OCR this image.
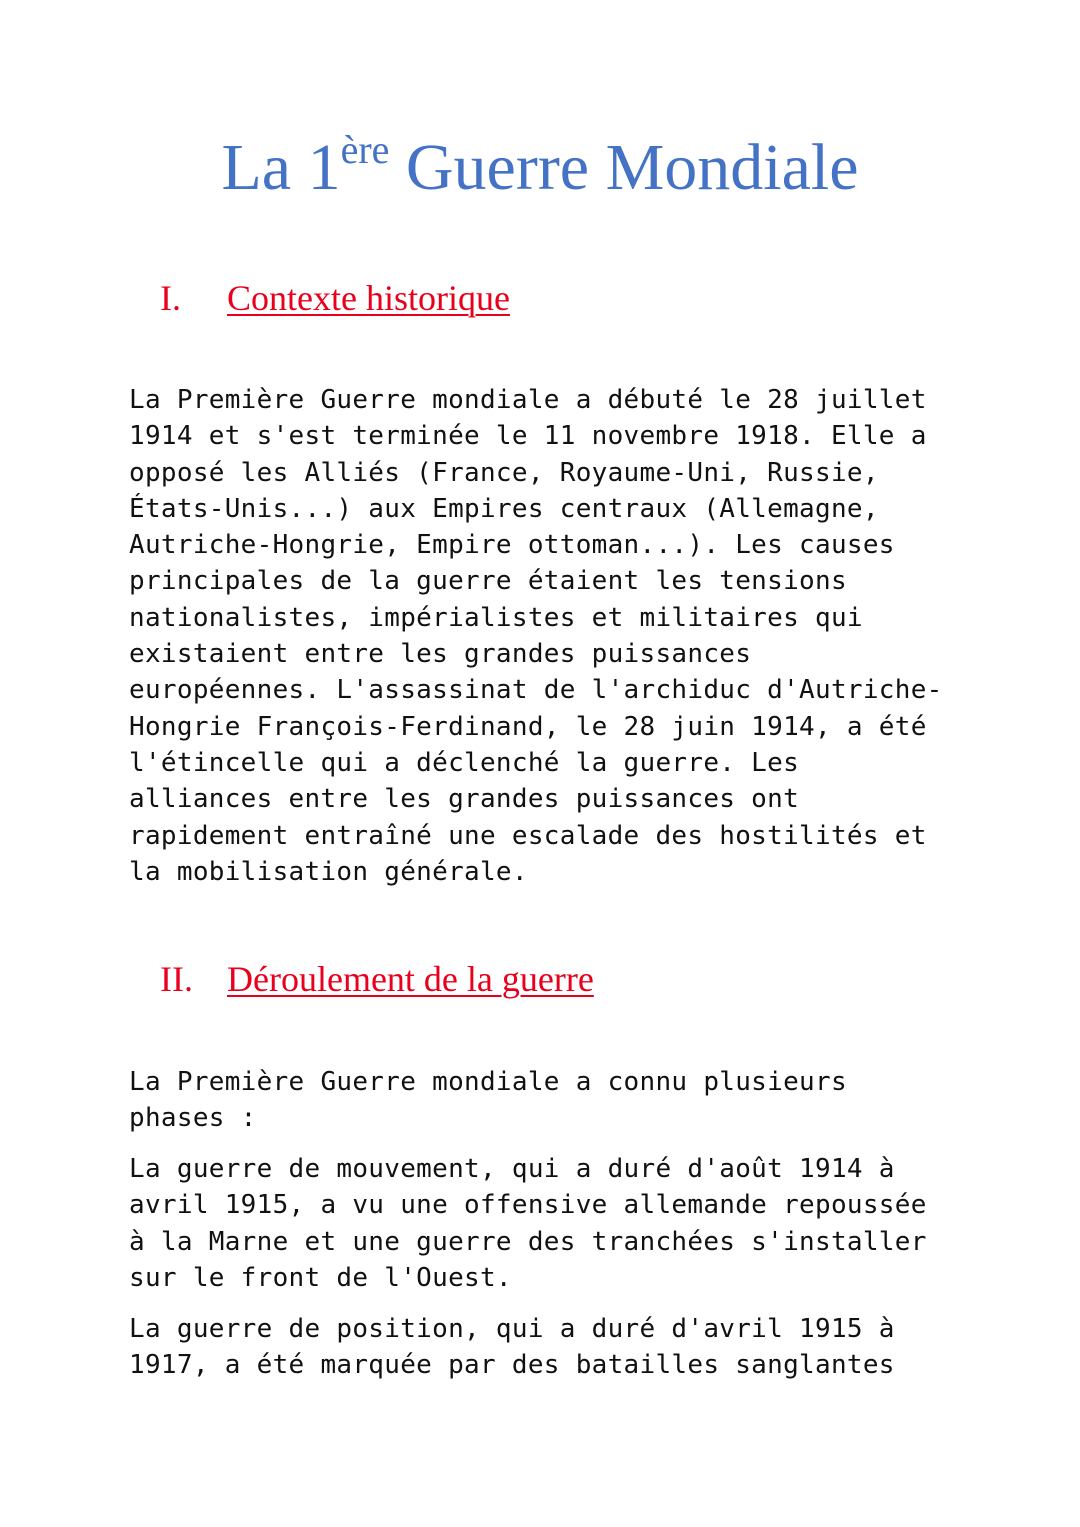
La 1ère Guerre Mondiale
I. Contexte historique

La Première Guerre mondiale a débuté le 28 juillet
1914 et s'est terminée le 11 novembre 1918. Elle a
opposé les Alliés (France, Royaume-Uni, Russie,
États-Unis...) aux Empires centraux (Allemagne,
Autriche-Hongrie, Empire ottoman...). Les causes
principales de la guerre étaient les tensions
nationalistes, impérialistes et militaires qui
existaient entre les grandes puissances
européennes. L'assassinat de l'archiduc d'Autriche-
Hongrie François-Ferdinand, le 28 juin 1914, a été
l'étincelle qui a déclenché la guerre. Les
alliances entre les grandes puissances ont
rapidement entraîné une escalade des hostilités et
la mobilisation générale.

II. Déroulement de la guerre

La Première Guerre mondiale a connu plusieurs
phases :

La guerre de mouvement, qui a duré d'août 1914 à
avril 1915, a vu une offensive allemande repoussée
à la Marne et une guerre des tranchées s'installer
sur le front de l'Ouest.

La guerre de position, qui a duré d'avril 1915 à
1917, a été marquée par des batailles sanglantes
